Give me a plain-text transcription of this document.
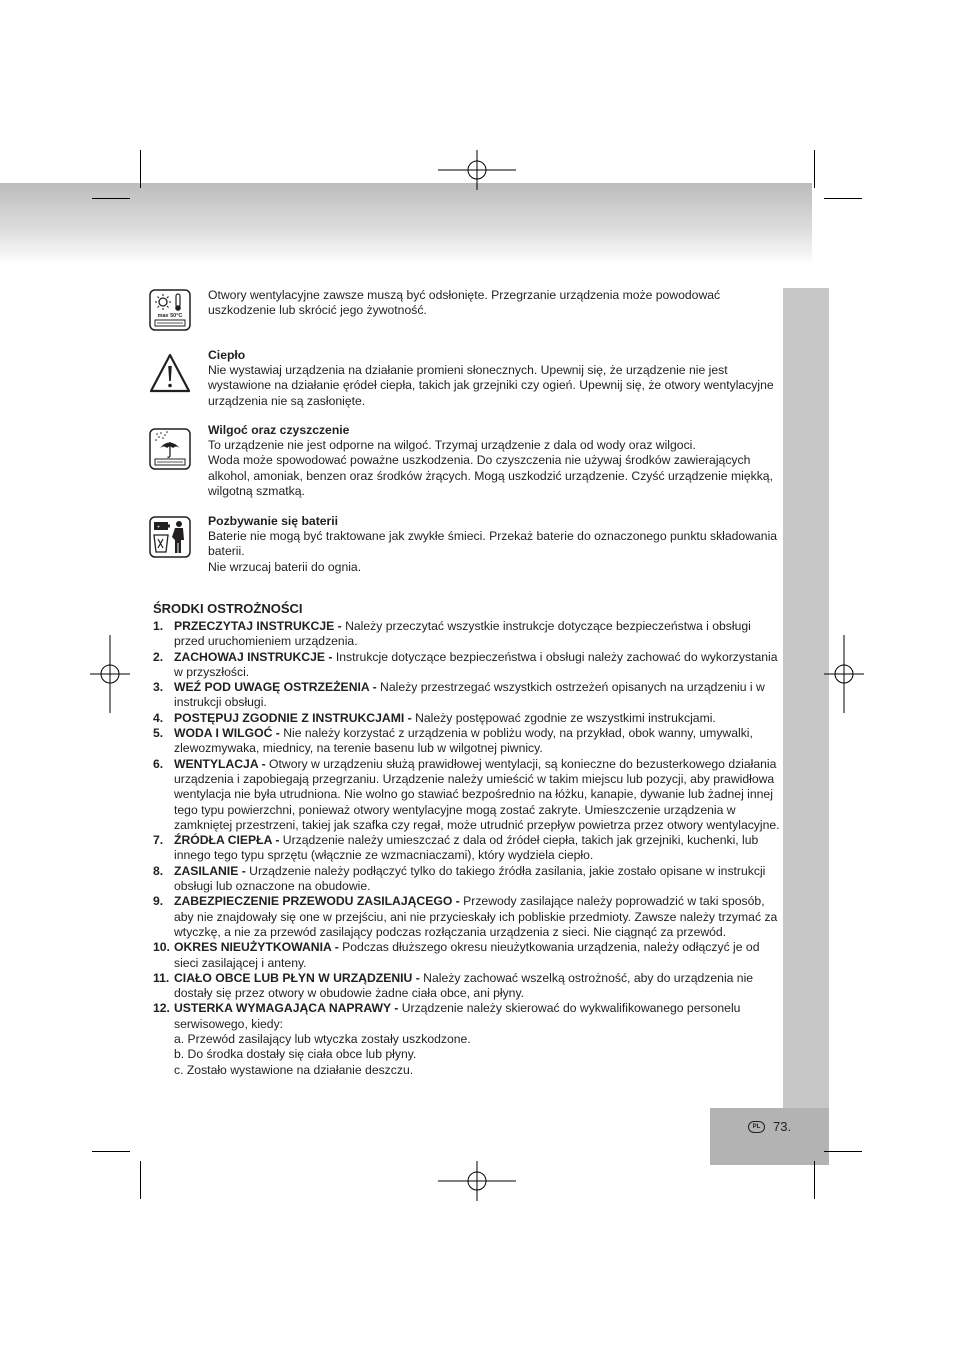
max 50°C

Otwory wentylacyjne zawsze muszą być odsłonięte. Przegrzanie urządzenia może powodować uszkodzenie lub skrócić jego żywotność.

Ciepło

Nie wystawiaj urządzenia na działanie promieni słonecznych. Upewnij się, że urządzenie nie jest wystawione na działanie ęródeł ciepła, takich jak grzejniki czy ogień. Upewnij się, że otwory wentylacyjne urządzenia nie są zasłonięte.

Wilgoć oraz czyszczenie

To urządzenie nie jest odporne na wilgoć. Trzymaj urządzenie z dala od wody oraz wilgoci.

Woda może spowodować poważne uszkodzenia. Do czyszczenia nie używaj środków zawierających alkohol, amoniak, benzen oraz środków żrących. Mogą uszkodzić urządzenie. Czyść urządzenie miękką, wilgotną szmatką.

+	Pozbywanie się baterii

Baterie nie mogą być traktowane jak zwykłe śmieci. Przekaż baterie do oznaczonego punktu składowania baterii.

Nie wrzucaj baterii do ognia.

ŚRODKI OSTROŻNOŚCI
1. PRZECZYTAJ INSTRUKCJE - Należy przeczytać wszystkie instrukcje dotyczące bezpieczeństwa i obsługi przed uruchomieniem urządzenia.
2. ZACHOWAJ INSTRUKCJE - Instrukcje dotyczące bezpieczeństwa i obsługi należy zachować do wykorzystania w przyszłości.
3. WEŹ POD UWAGĘ OSTRZEŻENIA - Należy przestrzegać wszystkich ostrzeżeń opisanych na urządzeniu i w instrukcji obsługi.
4. POSTĘPUJ ZGODNIE Z INSTRUKCJAMI - Należy postępować zgodnie ze wszystkimi instrukcjami.
5. WODA I WILGOĆ - Nie należy korzystać z urządzenia w pobliżu wody, na przykład, obok wanny, umywalki, zlewozmywaka, miednicy, na terenie basenu lub w wilgotnej piwnicy.
6. WENTYLACJA - Otwory w urządzeniu służą prawidłowej wentylacji, są konieczne do bezusterkowego działania urządzenia i zapobiegają przegrzaniu. Urządzenie należy umieścić w takim miejscu lub pozycji, aby prawidłowa wentylacja nie była utrudniona. Nie wolno go stawiać bezpośrednio na łóżku, kanapie, dywanie lub żadnej innej tego typu powierzchni, ponieważ otwory wentylacyjne mogą zostać zakryte. Umieszczenie urządzenia w zamkniętej przestrzeni, takiej jak szafka czy regał, może utrudnić przepływ powietrza przez otwory wentylacyjne.
7. ŹRÓDŁA CIEPŁA - Urządzenie należy umieszczać z dala od źródeł ciepła, takich jak grzejniki, kuchenki, lub innego tego typu sprzętu (włącznie ze wzmacniaczami), który wydziela ciepło.
8. ZASILANIE - Urządzenie należy podłączyć tylko do takiego źródła zasilania, jakie zostało opisane w instrukcji obsługi lub oznaczone na obudowie.
9. ZABEZPIECZENIE PRZEWODU ZASILAJĄCEGO - Przewody zasilające należy poprowadzić w taki sposób, aby nie znajdowały się one w przejściu, ani nie przycieskały ich pobliskie przedmioty. Zawsze należy trzymać za wtyczkę, a nie za przewód zasilający podczas rozłączania urządzenia z sieci. Nie ciągnąć za przewód.
10. OKRES NIEUŻYTKOWANIA - Podczas dłuższego okresu nieużytkowania urządzenia, należy odłączyć je od sieci zasilającej i anteny.
11. CIAŁO OBCE LUB PŁYN W URZĄDZENIU - Należy zachować wszelką ostrożność, aby do urządzenia nie dostały się przez otwory w obudowie żadne ciała obce, ani płyny.
12. USTERKA WYMAGAJĄCA NAPRAWY - Urządzenie należy skierować do wykwalifikowanego personelu serwisowego, kiedy:
a. Przewód zasilający lub wtyczka zostały uszkodzone.
b. Do środka dostały się ciała obce lub płyny.
c. Zostało wystawione na działanie deszczu.
PL 73.
